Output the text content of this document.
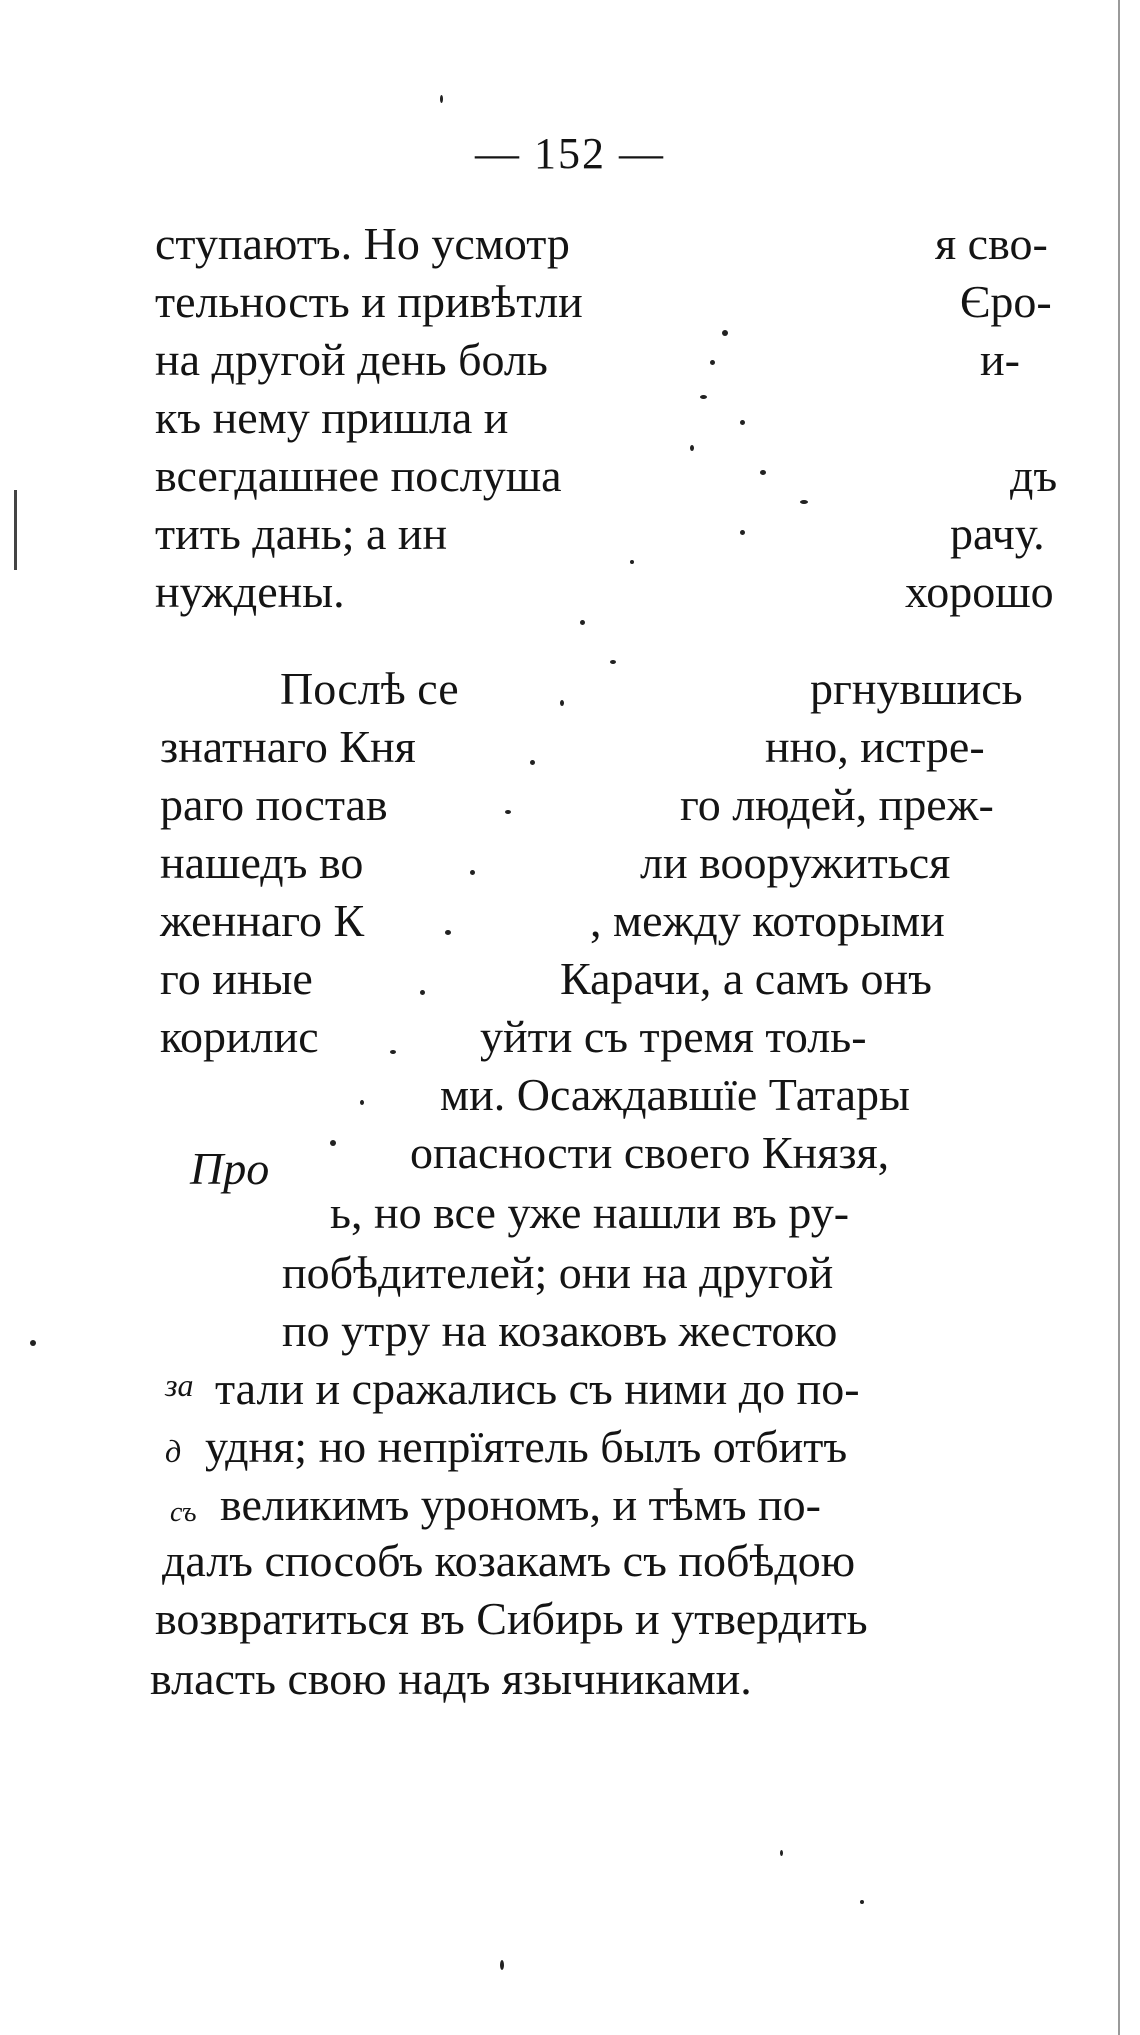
— 152 —
ступаютъ. Но усмотр
тельность и привѣтли
на другой день боль
къ нему пришла и
всегдашнее послуша
тить дань; а ин
нуждены.
Послѣ се
знатнаго Кня
раго постав
нашедъ во
женнаго К
го иные
корилис
Про
побѣдителей; они на другой
по утру на козаковъ жестоко
за
д
съ
далъ способъ козакамъ съ побѣдою
возвратиться въ Сибирь и утвердить
власть свою надъ язычниками.
я сво-
Єро-
и-
дъ
рачу.
хорошо
ргнувшись
нно, истре-
го людей, преж-
ли вооружиться
, между которыми
Карачи, а самъ онъ
уйти съ тремя толь-
ми. Осаждавшїе Татары
опасности своего Князя,
ь, но все уже нашли въ ру-
тали и сражались съ ними до по-
удня; но непрїятель былъ отбитъ
великимъ урономъ, и тѣмъ по-
